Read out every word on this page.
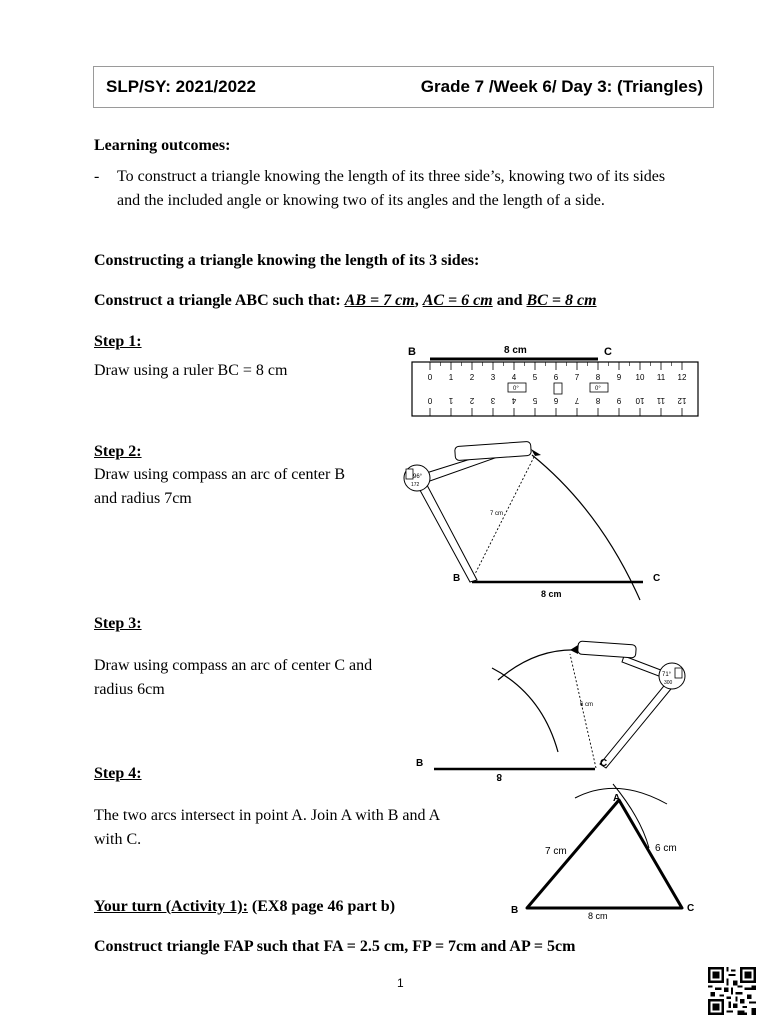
SLP/SY: 2021/2022	Grade 7 /Week 6/ Day 3: (Triangles)
Learning outcomes:
- To construct a triangle knowing the length of its three side’s, knowing two of its sides
and the included angle or knowing two of its angles and the length of a side.
Constructing a triangle knowing the length of its 3 sides:
Construct a triangle ABC such that: AB = 7 cm, AC = 6 cm and BC = 8 cm
Step 1:
Draw using a ruler BC = 8 cm
B	C
8 cm
0
0
1
1
2
2
3
3
4
4
5
5
6
6
7
7
8
8
9
9
10
10
11
11
12
12
0°	0°
Step 2:
Draw using compass an arc of center B
and radius 7cm
96°
172
7 cm
B	C
8 cm
Step 3:
Draw using compass an arc of center C and
radius 6cm
71°
300
6 cm
B	C
8
Step 4:
The two arcs intersect in point A. Join A with B and A
with C.
A
B	C
7 cm	6 cm
8 cm
Your turn (Activity 1): (EX8 page 46 part b)
Construct triangle FAP such that FA = 2.5 cm, FP = 7cm and AP = 5cm
1
